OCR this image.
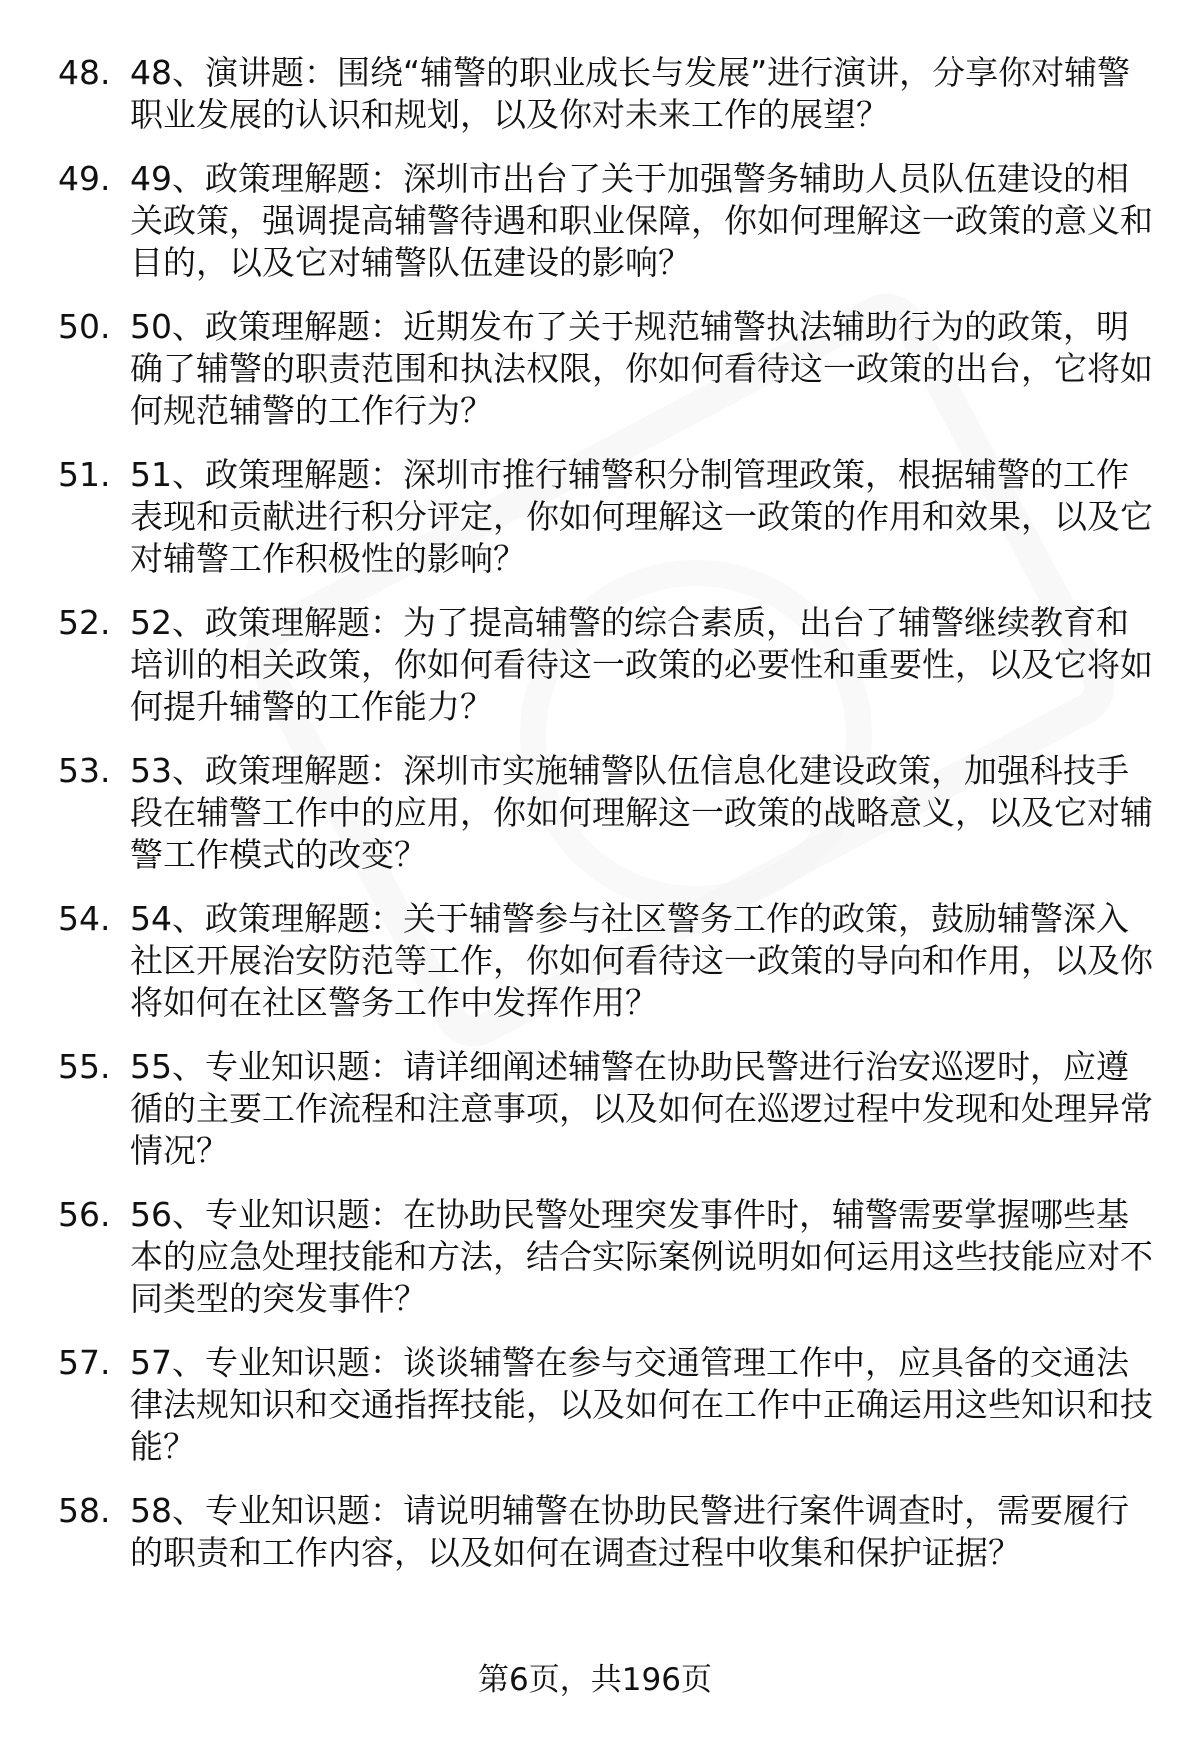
48. 48、演讲题：围绕“辅警的职业成长与发展”进行演讲，分享你对辅警职业发展的认识和规划，以及你对未来工作的展望？
49. 49、政策理解题：深圳市出台了关于加强警务辅助人员队伍建设的相关政策，强调提高辅警待遇和职业保障，你如何理解这一政策的意义和目的，以及它对辅警队伍建设的影响？
50. 50、政策理解题：近期发布了关于规范辅警执法辅助行为的政策，明确了辅警的职责范围和执法权限，你如何看待这一政策的出台，它将如何规范辅警的工作行为？
51. 51、政策理解题：深圳市推行辅警积分制管理政策，根据辅警的工作表现和贡献进行积分评定，你如何理解这一政策的作用和效果，以及它对辅警工作积极性的影响？
52. 52、政策理解题：为了提高辅警的综合素质，出台了辅警继续教育和培训的相关政策，你如何看待这一政策的必要性和重要性，以及它将如何提升辅警的工作能力？
53. 53、政策理解题：深圳市实施辅警队伍信息化建设政策，加强科技手段在辅警工作中的应用，你如何理解这一政策的战略意义，以及它对辅警工作模式的改变？
54. 54、政策理解题：关于辅警参与社区警务工作的政策，鼓励辅警深入社区开展治安防范等工作，你如何看待这一政策的导向和作用，以及你将如何在社区警务工作中发挥作用？
55. 55、专业知识题：请详细阐述辅警在协助民警进行治安巡逻时，应遵循的主要工作流程和注意事项，以及如何在巡逻过程中发现和处理异常情况？
56. 56、专业知识题：在协助民警处理突发事件时，辅警需要掌握哪些基本的应急处理技能和方法，结合实际案例说明如何运用这些技能应对不同类型的突发事件？
57. 57、专业知识题：谈谈辅警在参与交通管理工作中，应具备的交通法律法规知识和交通指挥技能，以及如何在工作中正确运用这些知识和技能？
58. 58、专业知识题：请说明辅警在协助民警进行案件调查时，需要履行的职责和工作内容，以及如何在调查过程中收集和保护证据？
第6页，共196页
